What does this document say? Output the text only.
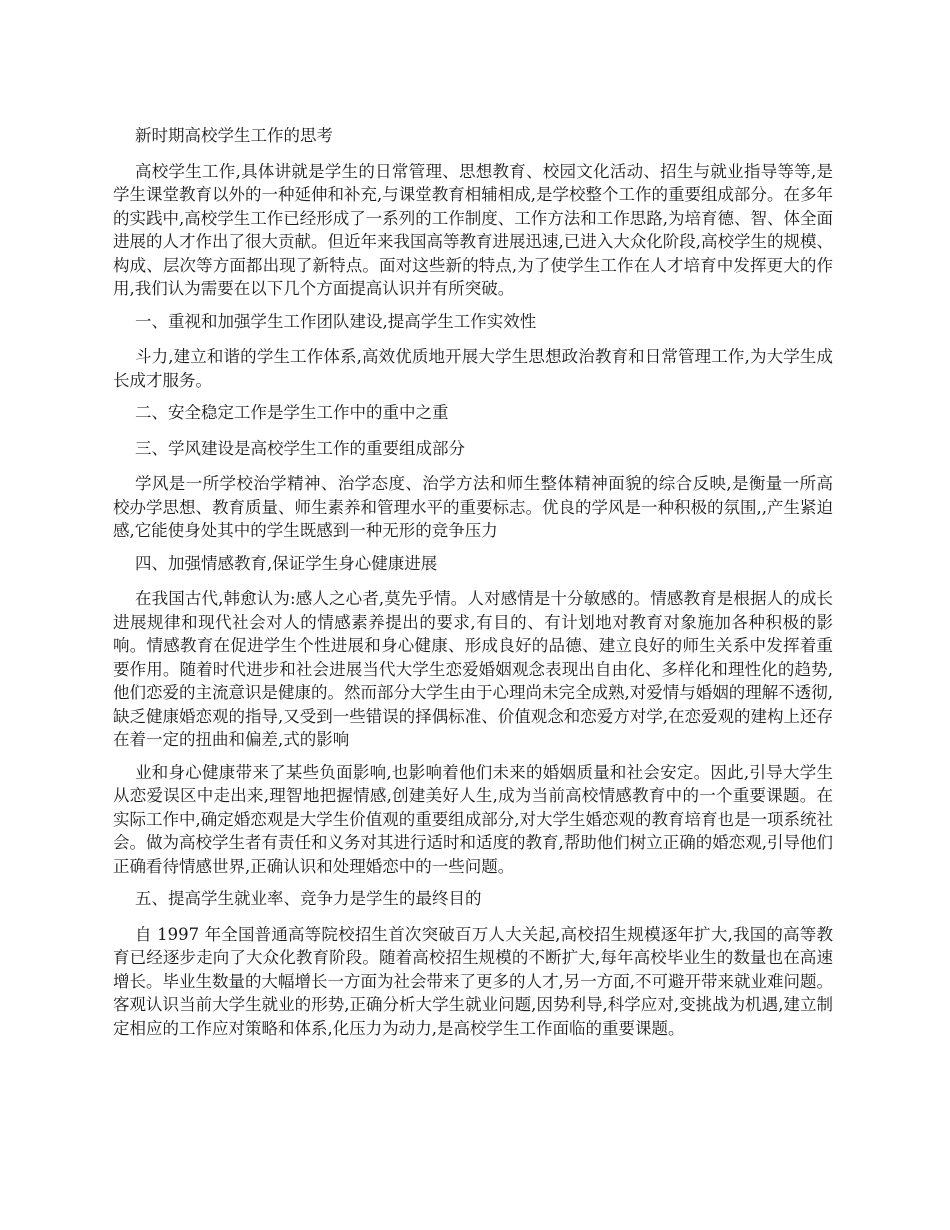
新时期高校学生工作的思考

高校学生工作,具体讲就是学生的日常管理、思想教育、校园文化活动、招生与就业指导等等,是学生课堂教育以外的一种延伸和补充,与课堂教育相辅相成,是学校整个工作的重要组成部分。在多年的实践中,高校学生工作已经形成了一系列的工作制度、工作方法和工作思路,为培育德、智、体全面进展的人才作出了很大贡献。但近年来我国高等教育进展迅速,已进入大众化阶段,高校学生的规模、构成、层次等方面都出现了新特点。面对这些新的特点,为了使学生工作在人才培育中发挥更大的作用,我们认为需要在以下几个方面提高认识并有所突破。

一、重视和加强学生工作团队建设,提高学生工作实效性

斗力,建立和谐的学生工作体系,高效优质地开展大学生思想政治教育和日常管理工作,为大学生成长成才服务。

二、安全稳定工作是学生工作中的重中之重

三、学风建设是高校学生工作的重要组成部分

学风是一所学校治学精神、治学态度、治学方法和师生整体精神面貌的综合反映,是衡量一所高校办学思想、教育质量、师生素养和管理水平的重要标志。优良的学风是一种积极的氛围,,产生紧迫感,它能使身处其中的学生既感到一种无形的竞争压力

四、加强情感教育,保证学生身心健康进展

在我国古代,韩愈认为:感人之心者,莫先乎情。人对感情是十分敏感的。情感教育是根据人的成长进展规律和现代社会对人的情感素养提出的要求,有目的、有计划地对教育对象施加各种积极的影响。情感教育在促进学生个性进展和身心健康、形成良好的品德、建立良好的师生关系中发挥着重要作用。随着时代进步和社会进展当代大学生恋爱婚姻观念表现出自由化、多样化和理性化的趋势,他们恋爱的主流意识是健康的。然而部分大学生由于心理尚未完全成熟,对爱情与婚姻的理解不透彻,缺乏健康婚恋观的指导,又受到一些错误的择偶标准、价值观念和恋爱方对学,在恋爱观的建构上还存在着一定的扭曲和偏差,式的影响

业和身心健康带来了某些负面影响,也影响着他们未来的婚姻质量和社会安定。因此,引导大学生从恋爱误区中走出来,理智地把握情感,创建美好人生,成为当前高校情感教育中的一个重要课题。在实际工作中,确定婚恋观是大学生价值观的重要组成部分,对大学生婚恋观的教育培育也是一项系统社会。做为高校学生者有责任和义务对其进行适时和适度的教育,帮助他们树立正确的婚恋观,引导他们正确看待情感世界,正确认识和处理婚恋中的一些问题。

五、提高学生就业率、竞争力是学生的最终目的

自 1997 年全国普通高等院校招生首次突破百万人大关起,高校招生规模逐年扩大,我国的高等教育已经逐步走向了大众化教育阶段。随着高校招生规模的不断扩大,每年高校毕业生的数量也在高速增长。毕业生数量的大幅增长一方面为社会带来了更多的人才,另一方面,不可避开带来就业难问题。客观认识当前大学生就业的形势,正确分析大学生就业问题,因势利导,科学应对,变挑战为机遇,建立制定相应的工作应对策略和体系,化压力为动力,是高校学生工作面临的重要课题。
